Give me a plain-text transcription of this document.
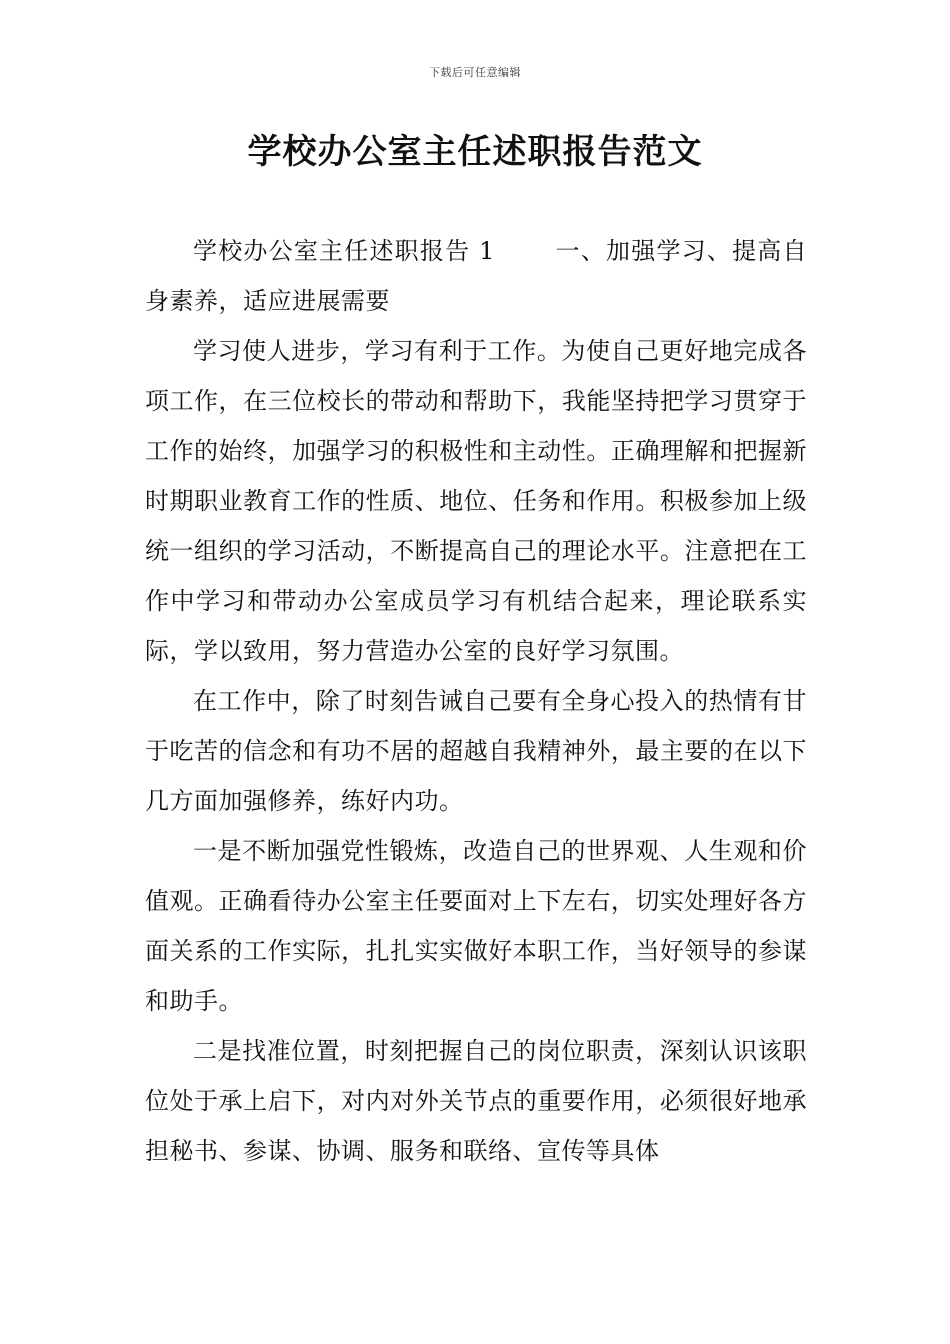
下载后可任意编辑
学校办公室主任述职报告范文

学校办公室主任述职报告 1	一、加强学习、提高自身素养，适应进展需要

学习使人进步，学习有利于工作。为使自己更好地完成各项工作，在三位校长的带动和帮助下，我能坚持把学习贯穿于工作的始终，加强学习的积极性和主动性。正确理解和把握新时期职业教育工作的性质、地位、任务和作用。积极参加上级统一组织的学习活动，不断提高自己的理论水平。注意把在工作中学习和带动办公室成员学习有机结合起来，理论联系实际，学以致用，努力营造办公室的良好学习氛围。

在工作中，除了时刻告诫自己要有全身心投入的热情有甘于吃苦的信念和有功不居的超越自我精神外，最主要的在以下几方面加强修养，练好内功。

一是不断加强党性锻炼，改造自己的世界观、人生观和价值观。正确看待办公室主任要面对上下左右，切实处理好各方面关系的工作实际，扎扎实实做好本职工作，当好领导的参谋和助手。

二是找准位置，时刻把握自己的岗位职责，深刻认识该职位处于承上启下，对内对外关节点的重要作用，必须很好地承担秘书、参谋、协调、服务和联络、宣传等具体
